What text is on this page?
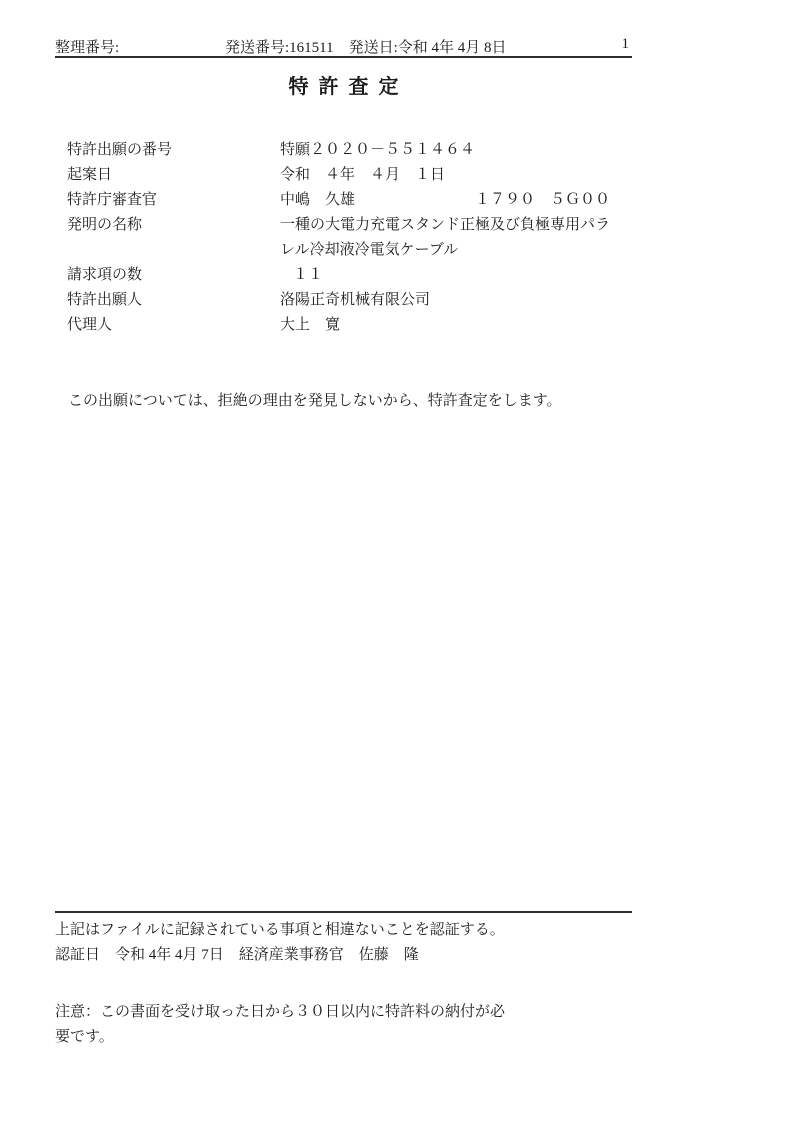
整理番号:	発送番号:161511　発送日:令和 4年 4月 8日	1
特許査定
特許出願の番号	特願２０２０－５５１４６４
起案日	令和　４年　４月　１日
特許庁審査官	中嶋　久雄	１７９０　５Ｇ００
発明の名称	一種の大電力充電スタンド正極及び負極専用パラ
レル冷却液冷電気ケーブル
請求項の数	１１
特許出願人	洛陽正奇机械有限公司
代理人	大上　寛
この出願については、拒絶の理由を発見しないから、特許査定をします。
上記はファイルに記録されている事項と相違ないことを認証する。
認証日　令和 4年 4月 7日　経済産業事務官　佐藤　隆
注意：この書面を受け取った日から３０日以内に特許料の納付が必
要です。
